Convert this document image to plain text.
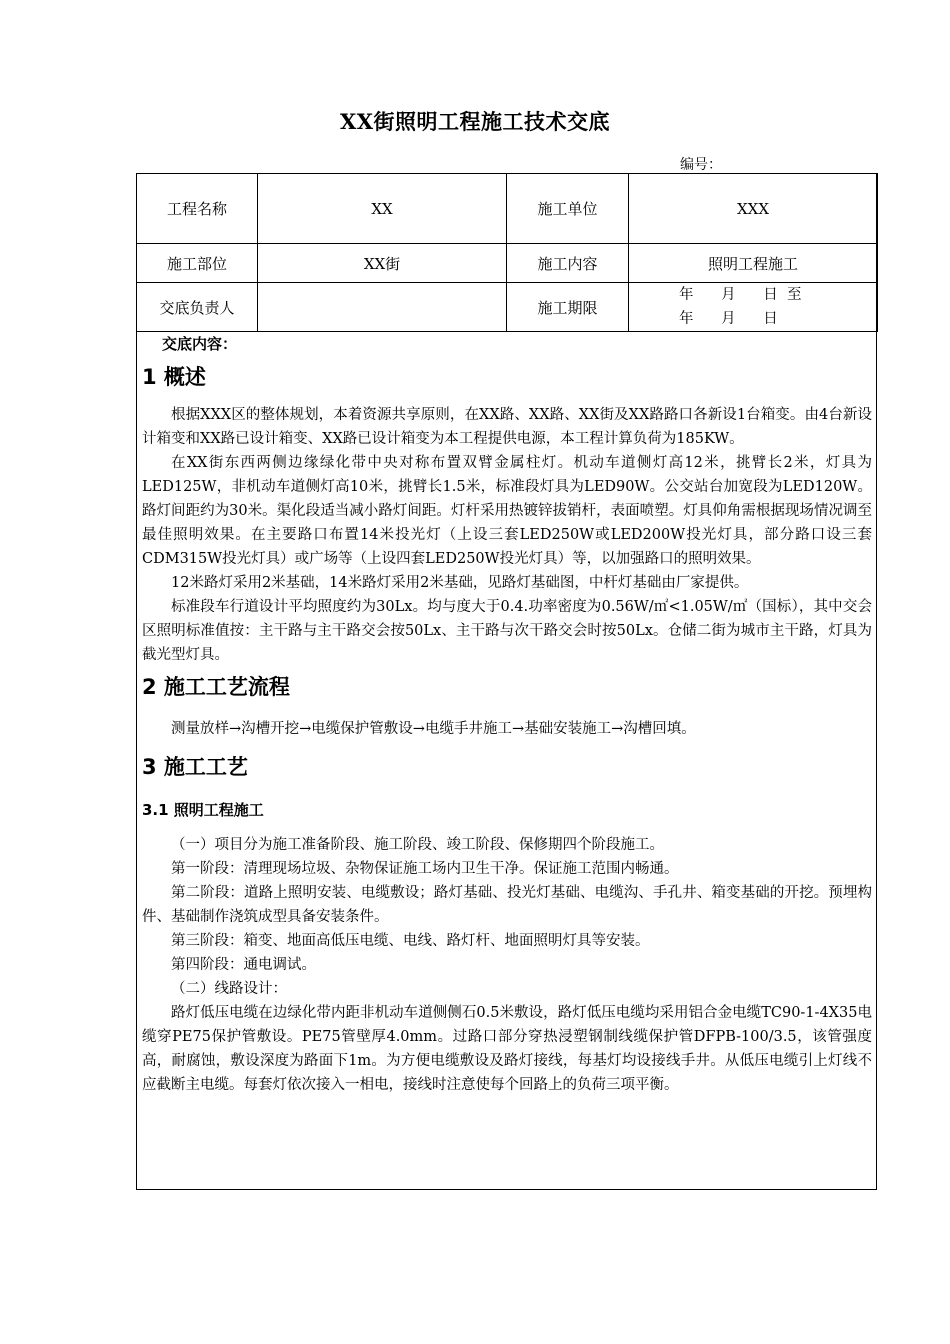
XX街照明工程施工技术交底
编号：
工程名称	XX	施工单位	XXX
施工部位	XX街	施工内容	照明工程施工
交底负责人		施工期限	年      月      日  至
年      月      日
交底内容：
1 概述

根据XXX区的整体规划，本着资源共享原则，在XX路、XX路、XX街及XX路路口各新设1台箱变。由4台新设计箱变和XX路已设计箱变、XX路已设计箱变为本工程提供电源，本工程计算负荷为185KW。

在XX街东西两侧边缘绿化带中央对称布置双臂金属柱灯。机动车道侧灯高12米，挑臂长2米，灯具为LED125W，非机动车道侧灯高10米，挑臂长1.5米，标准段灯具为LED90W。公交站台加宽段为LED120W。路灯间距约为30米。渠化段适当减小路灯间距。灯杆采用热镀锌拔销杆，表面喷塑。灯具仰角需根据现场情况调至最佳照明效果。在主要路口布置14米投光灯（上设三套LED250W或LED200W投光灯具，部分路口设三套CDM315W投光灯具）或广场等（上设四套LED250W投光灯具）等，以加强路口的照明效果。

12米路灯采用2米基础，14米路灯采用2米基础，见路灯基础图，中杆灯基础由厂家提供。

标准段车行道设计平均照度约为30Lx。均与度大于0.4.功率密度为0.56W/㎡<1.05W/㎡（国标），其中交会区照明标准值按：主干路与主干路交会按50Lx、主干路与次干路交会时按50Lx。仓储二街为城市主干路，灯具为截光型灯具。

2 施工工艺流程

测量放样→沟槽开挖→电缆保护管敷设→电缆手井施工→基础安装施工→沟槽回填。

3 施工工艺
3.1 照明工程施工

（一）项目分为施工准备阶段、施工阶段、竣工阶段、保修期四个阶段施工。

第一阶段：清理现场垃圾、杂物保证施工场内卫生干净。保证施工范围内畅通。

第二阶段：道路上照明安装、电缆敷设；路灯基础、投光灯基础、电缆沟、手孔井、箱变基础的开挖。预埋构件、基础制作浇筑成型具备安装条件。

第三阶段：箱变、地面高低压电缆、电线、路灯杆、地面照明灯具等安装。

第四阶段：通电调试。

（二）线路设计：

路灯低压电缆在边绿化带内距非机动车道侧侧石0.5米敷设，路灯低压电缆均采用铝合金电缆TC90-1-4X35电缆穿PE75保护管敷设。PE75管壁厚4.0mm。过路口部分穿热浸塑钢制线缆保护管DFPB-100/3.5，该管强度高，耐腐蚀，敷设深度为路面下1m。为方便电缆敷设及路灯接线，每基灯均设接线手井。从低压电缆引上灯线不应截断主电缆。每套灯依次接入一相电，接线时注意使每个回路上的负荷三项平衡。
